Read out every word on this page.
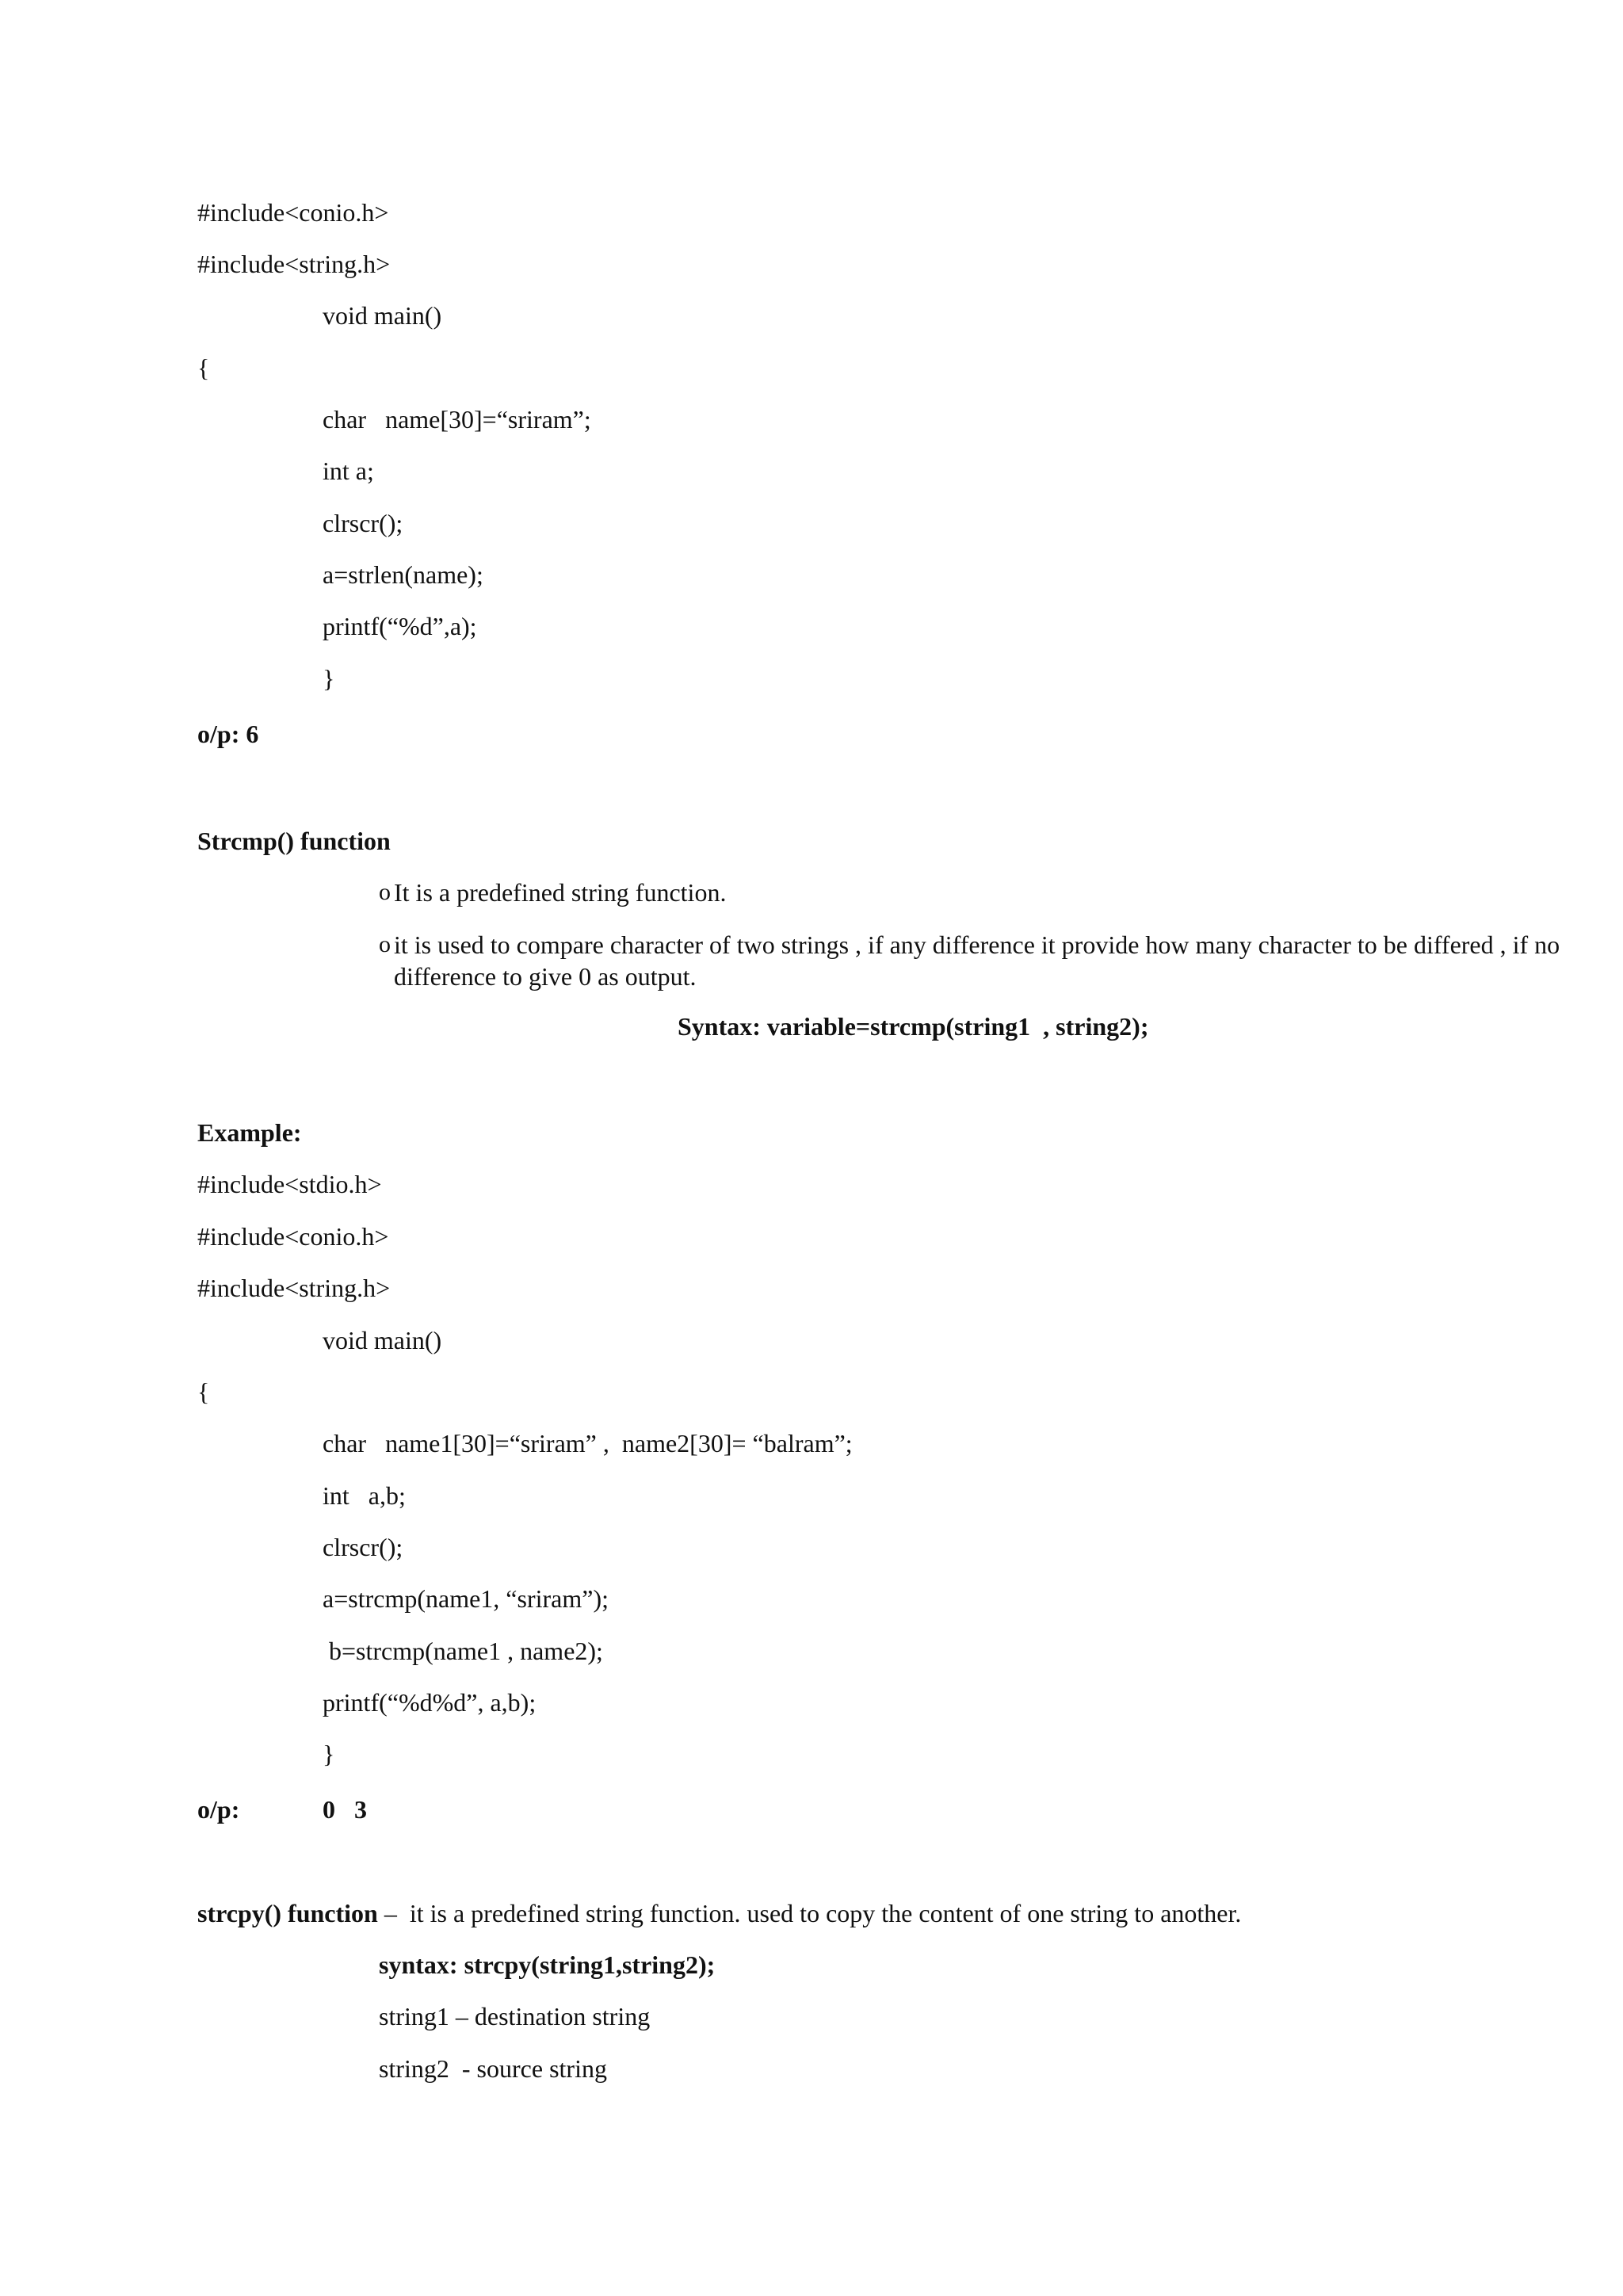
#include<conio.h>
#include<string.h>
void main()
{
char   name[30]=“sriram”;
int a;
clrscr();
a=strlen(name);
printf(“%d”,a);
}
o/p: 6
Strcmp() function
o It is a predefined string function.
o it is used to compare character of two strings , if any difference it provide how many character to be differed , if no difference to give 0 as output.
Syntax: variable=strcmp(string1  , string2);
Example:
#include<stdio.h>
#include<conio.h>
#include<string.h>
void main()
{
char   name1[30]=“sriram” ,  name2[30]= “balram”;
int   a,b;
clrscr();
a=strcmp(name1, “sriram”);
b=strcmp(name1 , name2);
printf(“%d%d”, a,b);
}
o/p:	0   3
strcpy() function –  it is a predefined string function. used to copy the content of one string to another.
syntax: strcpy(string1,string2);
string1 – destination string
string2  - source string
